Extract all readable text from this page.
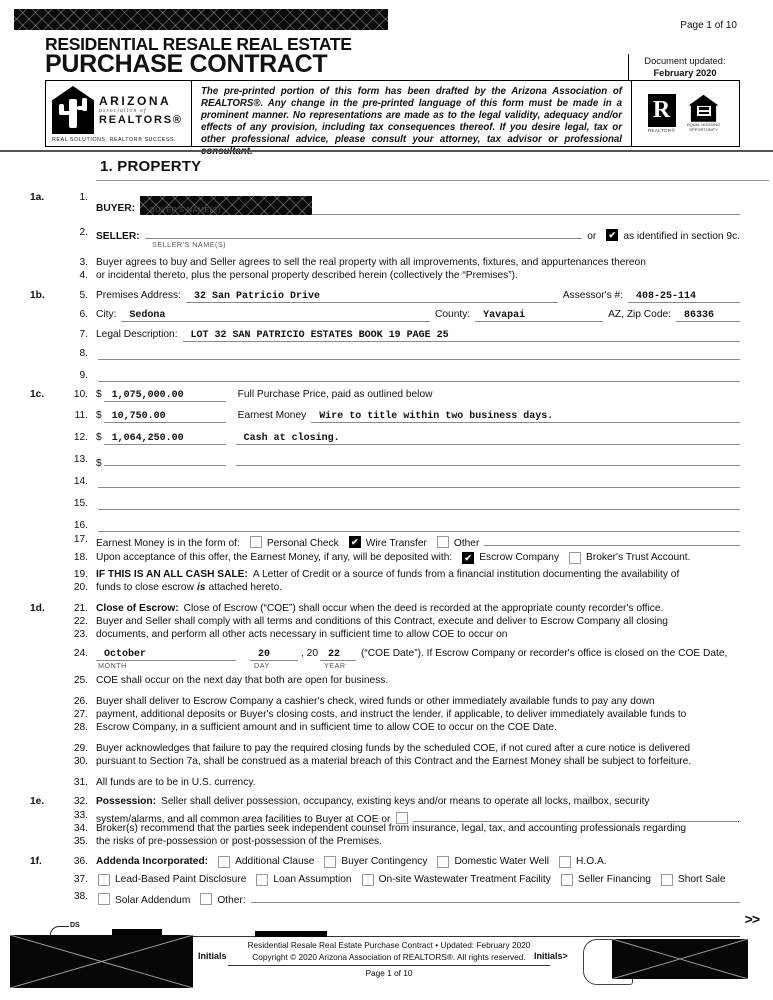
Page 1 of 10
RESIDENTIAL RESALE REAL ESTATE
PURCHASE CONTRACT	Document updated:
February 2020
ARIZONA
association of
REALTORS®
REAL SOLUTIONS. REALTOR® SUCCESS.
The pre-printed portion of this form has been drafted by the Arizona Association of REALTORS®. Any change in the pre-printed language of this form must be made in a prominent manner. No representations are made as to the legal validity, adequacy and/or effects of any provision, including tax consequences thereof. If you desire legal, tax or other professional advice, please consult your attorney, tax advisor or professional consultant.
R
REALTOR®
EQUAL HOUSING OPPORTUNITY
1. PROPERTY
1a.	1.
BUYER: BUYER'S NAME(S)
2. SELLER:	or ✔ as identified in section 9c.
SELLER'S NAME(S)
3. Buyer agrees to buy and Seller agrees to sell the real property with all improvements, fixtures, and appurtenances thereon
4. or incidental thereto, plus the personal property described herein (collectively the “Premises”).
1b.	5. Premises Address:	32 San Patricio Drive	Assessor's #:	408-25-114
6. City:	Sedona	County:	Yavapai	AZ, Zip Code:	86336
7. Legal Description:	LOT 32 SAN PATRICIO ESTATES BOOK 19 PAGE 25
8.
9.
1c.	10. $	1,075,000.00	Full Purchase Price, paid as outlined below
11. $	10,750.00	Earnest Money	Wire to title within two business days.
12. $	1,064,250.00	Cash at closing.
13. $
14.
15.
16.
17. Earnest Money is in the form of:	Personal Check ✔ Wire Transfer	Other
18. Upon acceptance of this offer, the Earnest Money, if any, will be deposited with: ✔ Escrow Company	Broker's Trust Account.
19. IF THIS IS AN ALL CASH SALE: A Letter of Credit or a source of funds from a financial institution documenting the availability of
20. funds to close escrow is attached hereto.
1d.	21. Close of Escrow: Close of Escrow (“COE”) shall occur when the deed is recorded at the appropriate county recorder's office.
22. Buyer and Seller shall comply with all terms and conditions of this Contract, execute and deliver to Escrow Company all closing
23. documents, and perform all other acts necessary in sufficient time to allow COE to occur on
24.	October	20	, 20	22	(“COE Date”). If Escrow Company or recorder's office is closed on the COE Date,
MONTH	DAY	YEAR
25. COE shall occur on the next day that both are open for business.
26. Buyer shall deliver to Escrow Company a cashier's check, wired funds or other immediately available funds to pay any down
27. payment, additional deposits or Buyer's closing costs, and instruct the lender, if applicable, to deliver immediately available funds to
28. Escrow Company, in a sufficient amount and in sufficient time to allow COE to occur on the COE Date.
29. Buyer acknowledges that failure to pay the required closing funds by the scheduled COE, if not cured after a cure notice is delivered
30. pursuant to Section 7a, shall be construed as a material breach of this Contract and the Earnest Money shall be subject to forfeiture.
31. All funds are to be in U.S. currency.
1e.	32. Possession: Seller shall deliver possession, occupancy, existing keys and/or means to operate all locks, mailbox, security
33. system/alarms, and all common area facilities to Buyer at COE or	.
34. Broker(s) recommend that the parties seek independent counsel from insurance, legal, tax, and accounting professionals regarding
35. the risks of pre-possession or post-possession of the Premises.
1f.	36. Addenda Incorporated:	Additional Clause	Buyer Contingency	Domestic Water Well	H.O.A.
37.	Lead-Based Paint Disclosure	Loan Assumption	On-site Wastewater Treatment Facility	Seller Financing	Short Sale
38.	Solar Addendum	Other:
>>
DS
Initials
Residential Resale Real Estate Purchase Contract • Updated: February 2020
Copyright © 2020 Arizona Association of REALTORS®. All rights reserved.
Page 1 of 10
Initials>
